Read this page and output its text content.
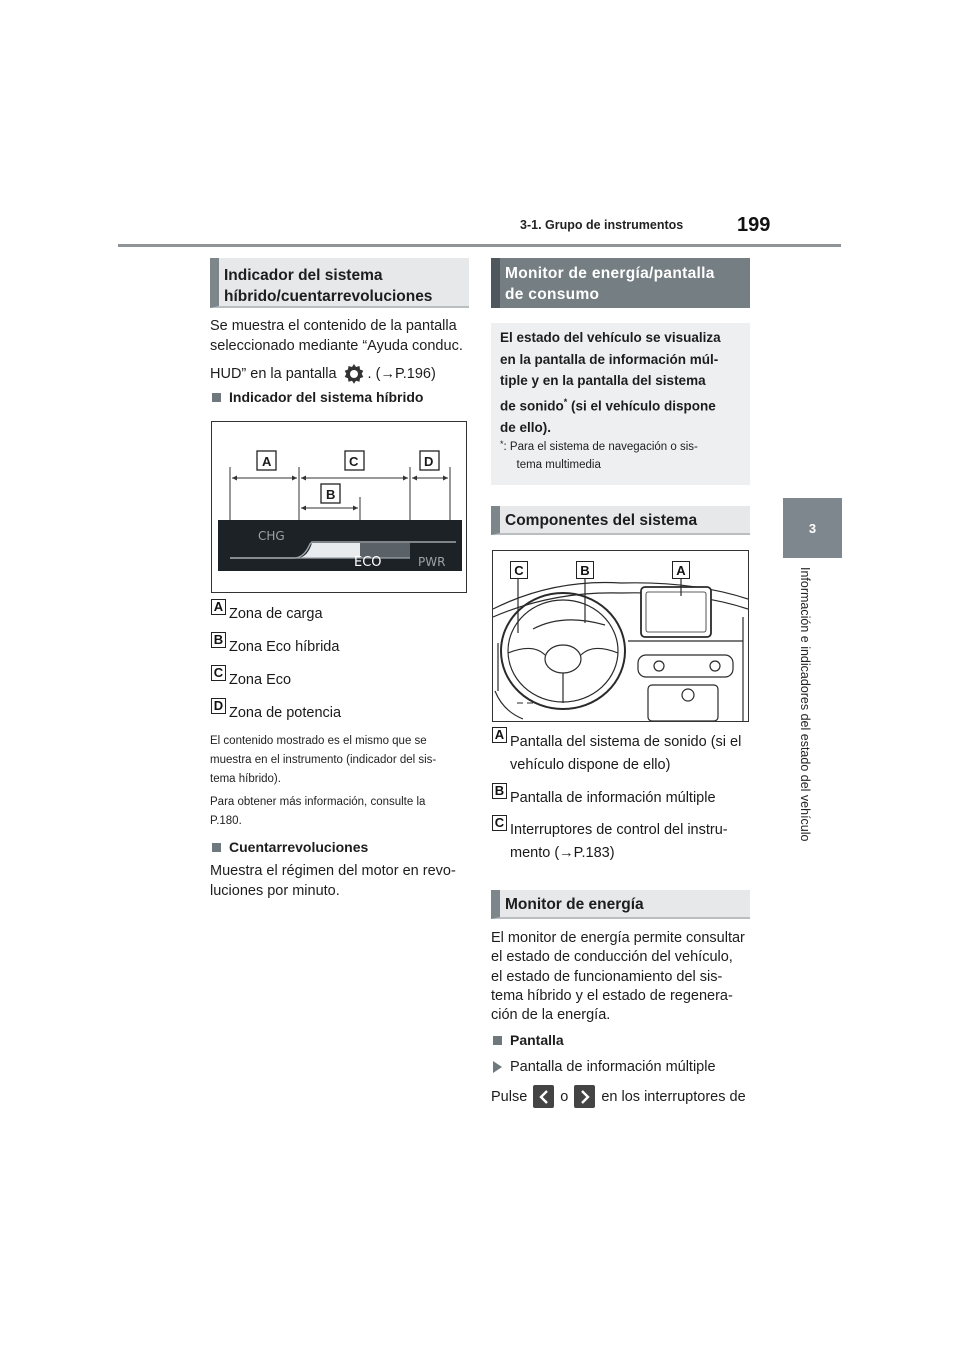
3-1. Grupo de instrumentos	199
3
Información e indicadores del estado del vehículo
Indicador del sistema
híbrido/cuentarrevoluciones
Se muestra el contenido de la pantalla
seleccionado mediante “Ayuda conduc.
HUD” en la pantalla . ( → P.196)
Indicador del sistema híbrido
CHG
ECO	PWR
A	C	D
B
A Zona de carga
B Zona Eco híbrida
C Zona Eco
D Zona de potencia
El contenido mostrado es el mismo que se
muestra en el instrumento (indicador del sis-
tema híbrido).
Para obtener más información, consulte la
P.180.
Cuentarrevoluciones
Muestra el régimen del motor en revo-
luciones por minuto.
Monitor de energía/pantalla
de consumo
El estado del vehículo se visualiza
en la pantalla de información múl-
tiple y en la pantalla del sistema
de sonido* (si el vehículo dispone
de ello).
* : Para el sistema de navegación o sis-
tema multimedia
Componentes del sistema
C	B	A
A Pantalla del sistema de sonido (si el
vehículo dispone de ello)
B Pantalla de información múltiple
C Interruptores de control del instru-
mento (→P.183)
Monitor de energía
El monitor de energía permite consultar
el estado de conducción del vehículo,
el estado de funcionamiento del sis-
tema híbrido y el estado de regenera-
ción de la energía.
Pantalla
Pantalla de información múltiple
Pulse o en los interruptores de
